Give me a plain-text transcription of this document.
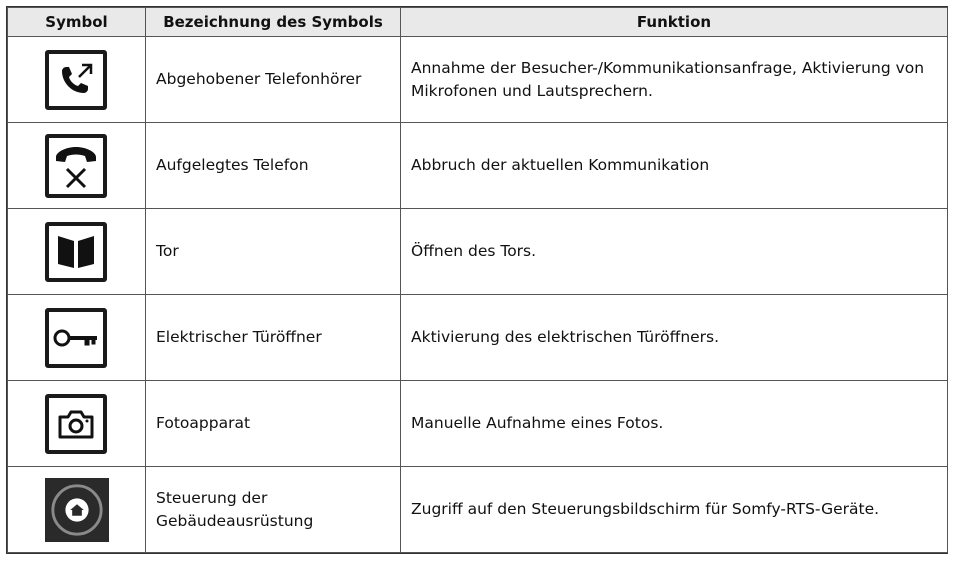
Symbol	Bezeichnung des Symbols	Funktion

	Abgehobener Telefonhörer	Annahme der Besucher-/Kommunikationsanfrage, Aktivierung von Mikrofonen und Lautsprechern.

	Aufgelegtes Telefon	Abbruch der aktuellen Kommunikation

	Tor	Öffnen des Tors.

	Elektrischer Türöffner	Aktivierung des elektrischen Türöffners.

	Fotoapparat	Manuelle Aufnahme eines Fotos.

	Steuerung der Gebäudeausrüstung	Zugriff auf den Steuerungsbildschirm für Somfy-RTS-Geräte.
